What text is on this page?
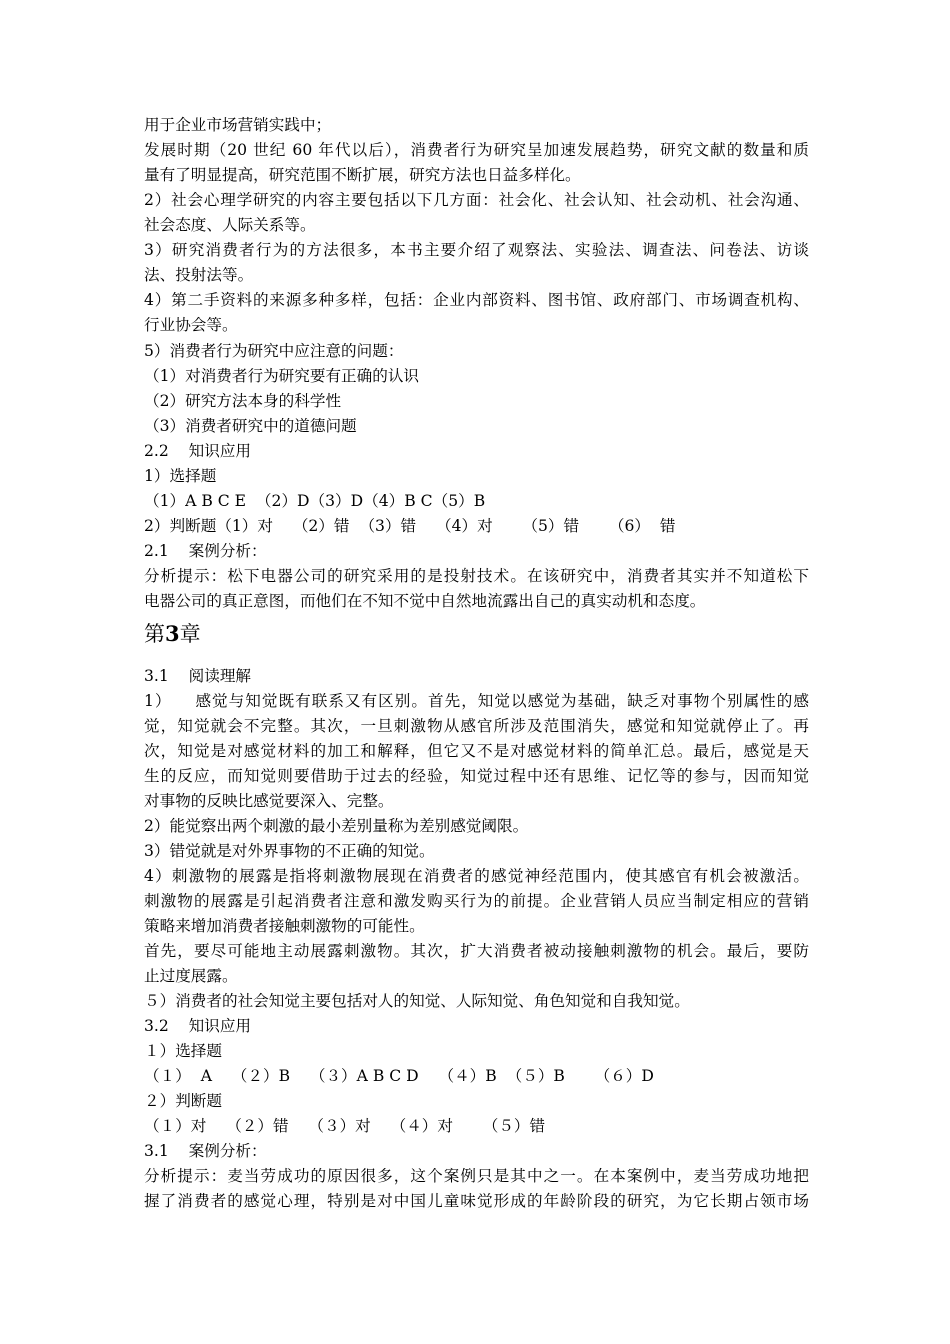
用于企业市场营销实践中；

发展时期（20 世纪 60 年代以后），消费者行为研究呈加速发展趋势，研究文献的数量和质

量有了明显提高，研究范围不断扩展，研究方法也日益多样化。

2）社会心理学研究的内容主要包括以下几方面：社会化、社会认知、社会动机、社会沟通、

社会态度、人际关系等。

3）研究消费者行为的方法很多，本书主要介绍了观察法、实验法、调查法、问卷法、访谈

法、投射法等。

4）第二手资料的来源多种多样，包括：企业内部资料、图书馆、政府部门、市场调查机构、

行业协会等。

5）消费者行为研究中应注意的问题：

（1）对消费者行为研究要有正确的认识

（2）研究方法本身的科学性

（3）消费者研究中的道德问题

2.2    知识应用

1）选择题

（1）A B C E  （2）D（3）D（4）B C（5）B

2）判断题（1）对    （2）错  （3）错    （4）对      （5）错      （6）  错

2.1    案例分析：

分析提示：松下电器公司的研究采用的是投射技术。在该研究中，消费者其实并不知道松下

电器公司的真正意图，而他们在不知不觉中自然地流露出自己的真实动机和态度。

第3章

3.1    阅读理解

1）    感觉与知觉既有联系又有区别。首先，知觉以感觉为基础，缺乏对事物个别属性的感

觉，知觉就会不完整。其次，一旦刺激物从感官所涉及范围消失，感觉和知觉就停止了。再

次，知觉是对感觉材料的加工和解释，但它又不是对感觉材料的简单汇总。最后，感觉是天

生的反应，而知觉则要借助于过去的经验，知觉过程中还有思维、记忆等的参与，因而知觉

对事物的反映比感觉要深入、完整。

2）能觉察出两个刺激的最小差别量称为差别感觉阈限。

3）错觉就是对外界事物的不正确的知觉。

4）刺激物的展露是指将刺激物展现在消费者的感觉神经范围内，使其感官有机会被激活。

刺激物的展露是引起消费者注意和激发购买行为的前提。企业营销人员应当制定相应的营销

策略来增加消费者接触刺激物的可能性。

首先，要尽可能地主动展露刺激物。其次，扩大消费者被动接触刺激物的机会。最后，要防

止过度展露。

５）消费者的社会知觉主要包括对人的知觉、人际知觉、角色知觉和自我知觉。

3.2    知识应用

１）选择题

（１）  A    （２）B    （３）A B C D    （４）B  （５）B      （６）D

２）判断题

（１）对    （２）错    （３）对    （４）对      （５）错

3.1    案例分析：

分析提示：麦当劳成功的原因很多，这个案例只是其中之一。在本案例中，麦当劳成功地把

握了消费者的感觉心理，特别是对中国儿童味觉形成的年龄阶段的研究，为它长期占领市场
